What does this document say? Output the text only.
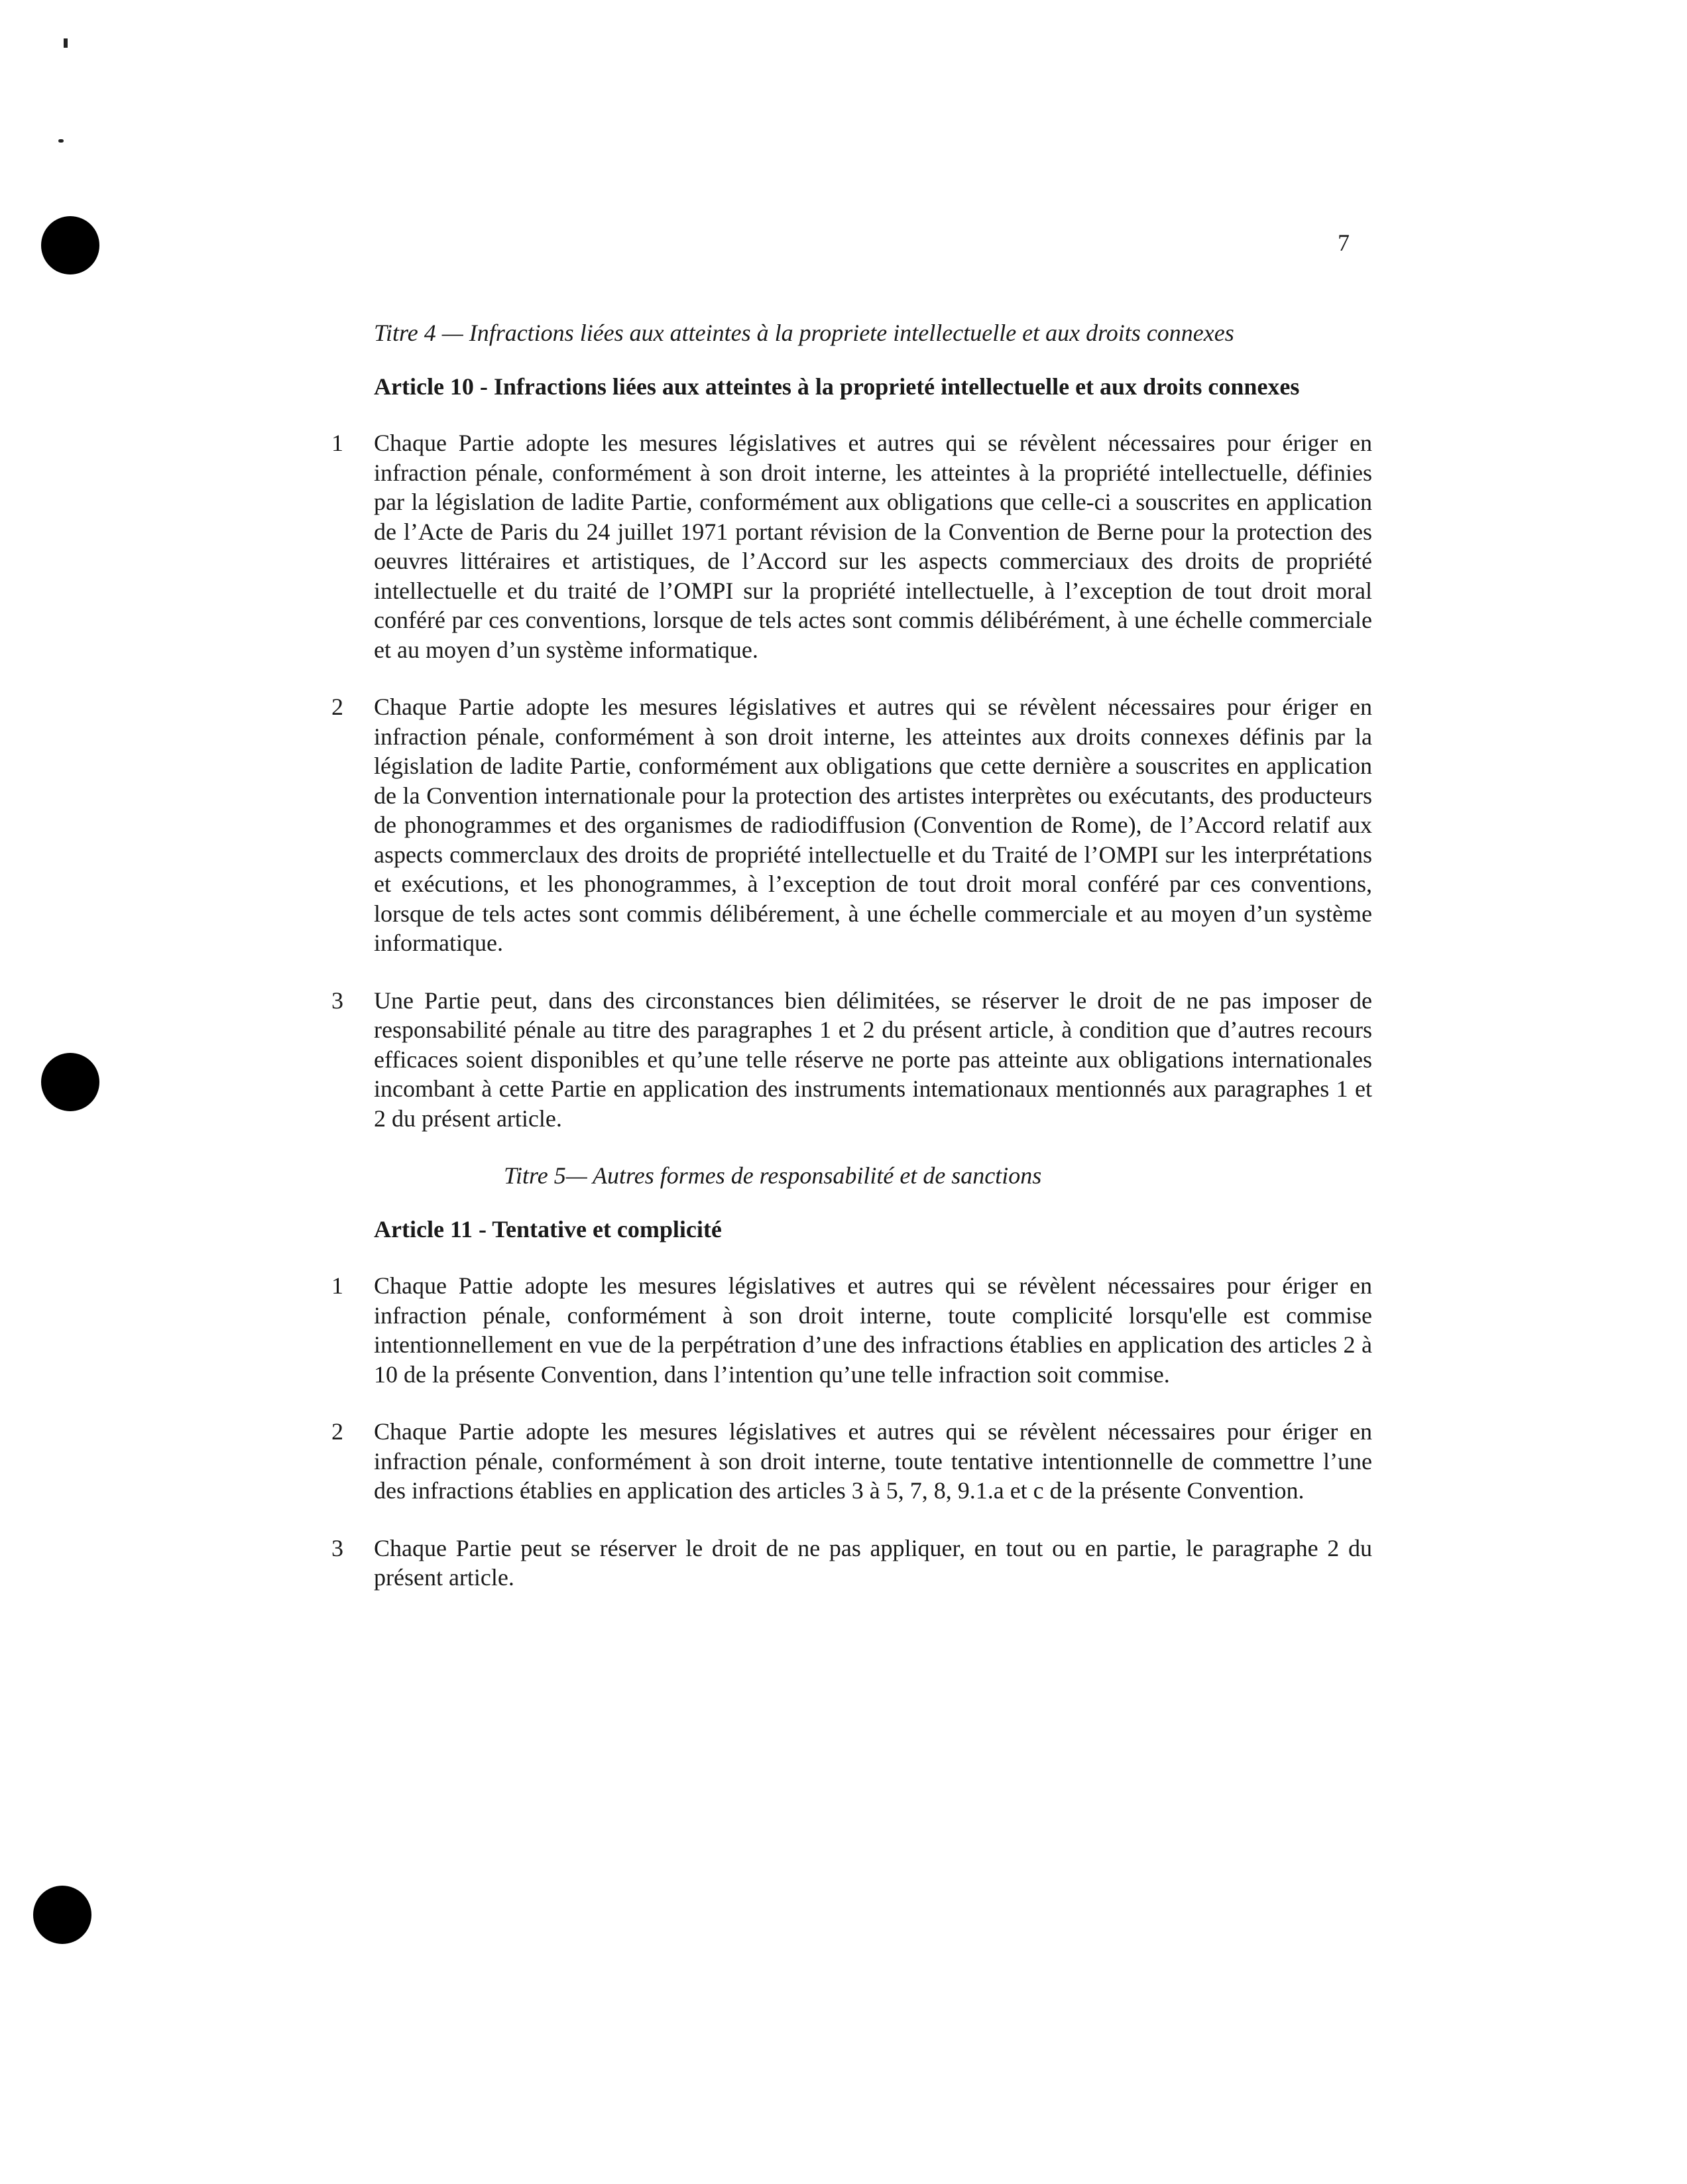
7
Titre 4 — Infractions liées aux atteintes à la propriete intellectuelle et aux droits connexes
Article 10 - Infractions liées aux atteintes à la proprieté intellectuelle et aux droits connexes
1 Chaque Partie adopte les mesures législatives et autres qui se révèlent nécessaires pour ériger en infraction pénale, conformément à son droit interne, les atteintes à la propriété intellectuelle, définies par la législation de ladite Partie, conformément aux obligations que celle-ci a souscrites en application de l’Acte de Paris du 24 juillet 1971 portant révision de la Convention de Berne pour la protection des oeuvres littéraires et artistiques, de l’Accord sur les aspects commerciaux des droits de propriété intellectuelle et du traité de l’OMPI sur la propriété intellectuelle, à l’exception de tout droit moral conféré par ces conventions, lorsque de tels actes sont commis délibérément, à une échelle commerciale et au moyen d’un système informatique.
2 Chaque Partie adopte les mesures législatives et autres qui se révèlent nécessaires pour ériger en infraction pénale, conformément à son droit interne, les atteintes aux droits connexes définis par la législation de ladite Partie, conformément aux obligations que cette dernière a souscrites en application de la Convention internationale pour la protection des artistes interprètes ou exécutants, des producteurs de phonogrammes et des organismes de radiodiffusion (Convention de Rome), de l’Accord relatif aux aspects commerclaux des droits de propriété intellectuelle et du Traité de l’OMPI sur les interprétations et exécutions, et les phonogrammes, à l’exception de tout droit moral conféré par ces conventions, lorsque de tels actes sont commis délibérement, à une échelle commerciale et au moyen d’un système informatique.
3 Une Partie peut, dans des circonstances bien délimitées, se réserver le droit de ne pas imposer de responsabilité pénale au titre des paragraphes 1 et 2 du présent article, à condition que d’autres recours efficaces soient disponibles et qu’une telle réserve ne porte pas atteinte aux obligations internationales incombant à cette Partie en application des instruments intemationaux mentionnés aux paragraphes 1 et 2 du présent article.
Titre 5— Autres formes de responsabilité et de sanctions
Article 11 - Tentative et complicité
1 Chaque Pattie adopte les mesures législatives et autres qui se révèlent nécessaires pour ériger en infraction pénale, conformément à son droit interne, toute complicité lorsqu'elle est commise intentionnellement en vue de la perpétration d’une des infractions établies en application des articles 2 à 10 de la présente Convention, dans l’intention qu’une telle infraction soit commise.
2 Chaque Partie adopte les mesures législatives et autres qui se révèlent nécessaires pour ériger en infraction pénale, conformément à son droit interne, toute tentative intentionnelle de commettre l’une des infractions établies en application des articles 3 à 5, 7, 8, 9.1.a et c de la présente Convention.
3 Chaque Partie peut se réserver le droit de ne pas appliquer, en tout ou en partie, le paragraphe 2 du présent article.
